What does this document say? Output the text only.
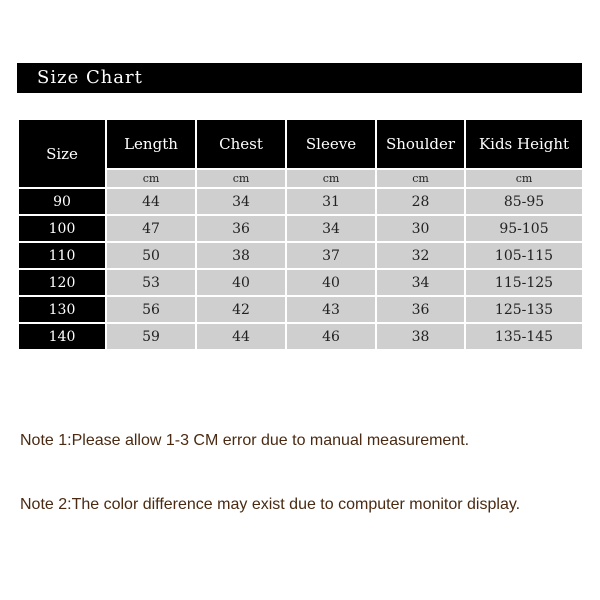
Size Chart
Size	Length	Chest	Sleeve	Shoulder	Kids Height
	cm	cm	cm	cm	cm
90	44	34	31	28	85-95
100	47	36	34	30	95-105
110	50	38	37	32	105-115
120	53	40	40	34	115-125
130	56	42	43	36	125-135
140	59	44	46	38	135-145
Note 1:Please allow 1-3 CM error due to manual measurement.
Note 2:The color difference may exist due to computer monitor display.
